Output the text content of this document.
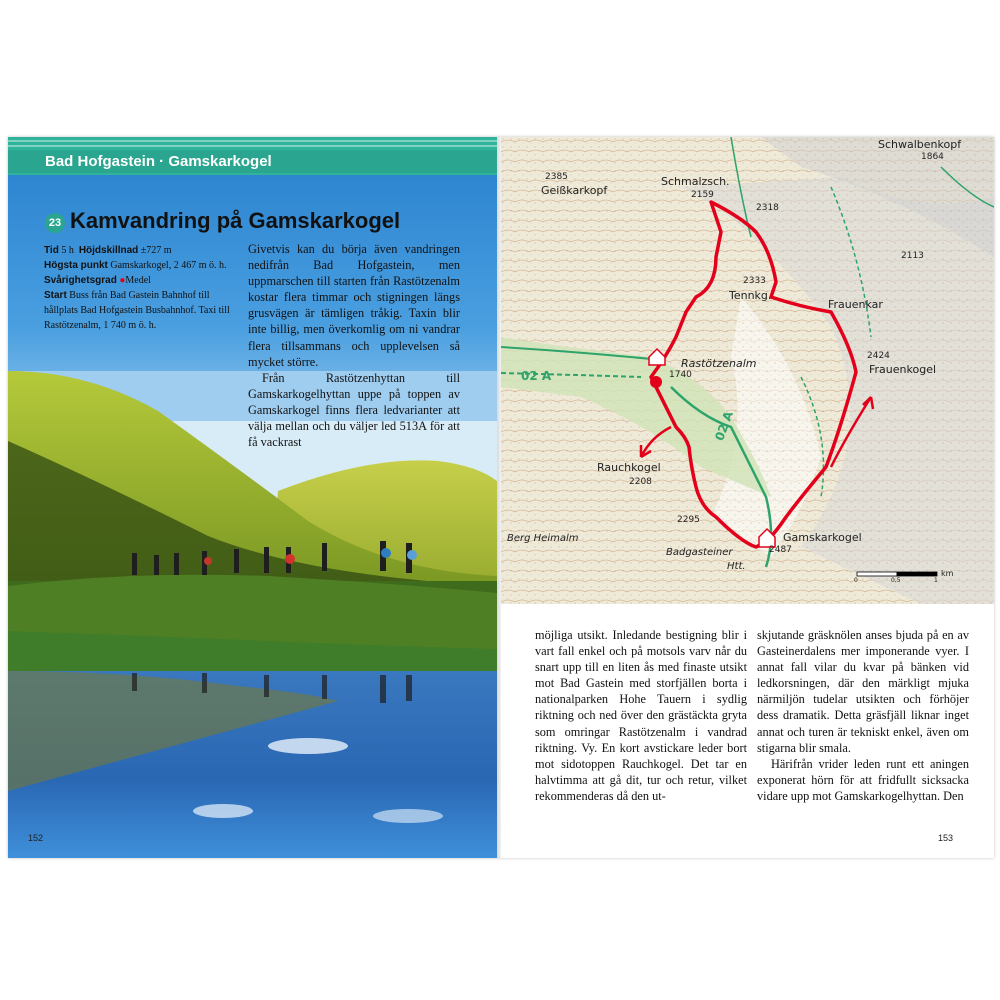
Bad Hofgastein · Gamskarkogel
23 Kamvandring på Gamskarkogel
Tid 5 h Höjdskillnad ±727 m
Högsta punkt Gamskarkogel, 2 467 m ö. h.
Svårighetsgrad ●Medel
Start Buss från Bad Gastein Bahnhof till hållplats Bad Hofgastein Busbahnhof. Taxi till Rastötzenalm, 1 740 m ö. h.

Givetvis kan du börja även vandringen nedifrån Bad Hofgastein, men uppmarschen till starten från Rastötzenalm kostar flera timmar och stigningen längs grusvägen är tämligen tråkig. Taxin blir inte billig, men överkomlig om ni vandrar flera tillsammans och upplevelsen så mycket större.

Från Rastötzenhyttan till Gamskarkogelhyttan uppe på toppen av Gamskarkogel finns flera ledvarianter att välja mellan och du väljer led 513A för att få vackrast

152
Schwalbenkopf
1864
2385
Geißkarkopf
Schmalzsch.
2159
2318
2113
2333
Tennkg.
Frauenkar
Rastötzenalm
1740
02 A
02 A
2424
Frauenkogel
Rauchkogel
2208
2295
Gamskarkogel
2487
Badgasteiner
Htt.
Berg Heimalm
0	0,5	1
km

möjliga utsikt. Inledande bestigning blir i vart fall enkel och på motsols varv når du snart upp till en liten ås med finaste utsikt mot Bad Gastein med storfjällen borta i nationalparken Hohe Tauern i sydlig riktning och ned över den grästäckta gryta som omringar Rastötzenalm i vandrad riktning. Vy. En kort avstickare leder bort mot sidotoppen Rauchkogel. Det tar en halvtimma att gå dit, tur och retur, vilket rekommenderas då den ut-

skjutande gräsknölen anses bjuda på en av Gasteinerdalens mer imponerande vyer. I annat fall vilar du kvar på bänken vid ledkorsningen, där den märkligt mjuka närmiljön tudelar utsikten och förhöjer dess dramatik. Detta gräsfjäll liknar inget annat och turen är tekniskt enkel, även om stigarna blir smala.

Härifrån vrider leden runt ett aningen exponerat hörn för att fridfullt sicksacka vidare upp mot Gamskarkogelhyttan. Den

153
